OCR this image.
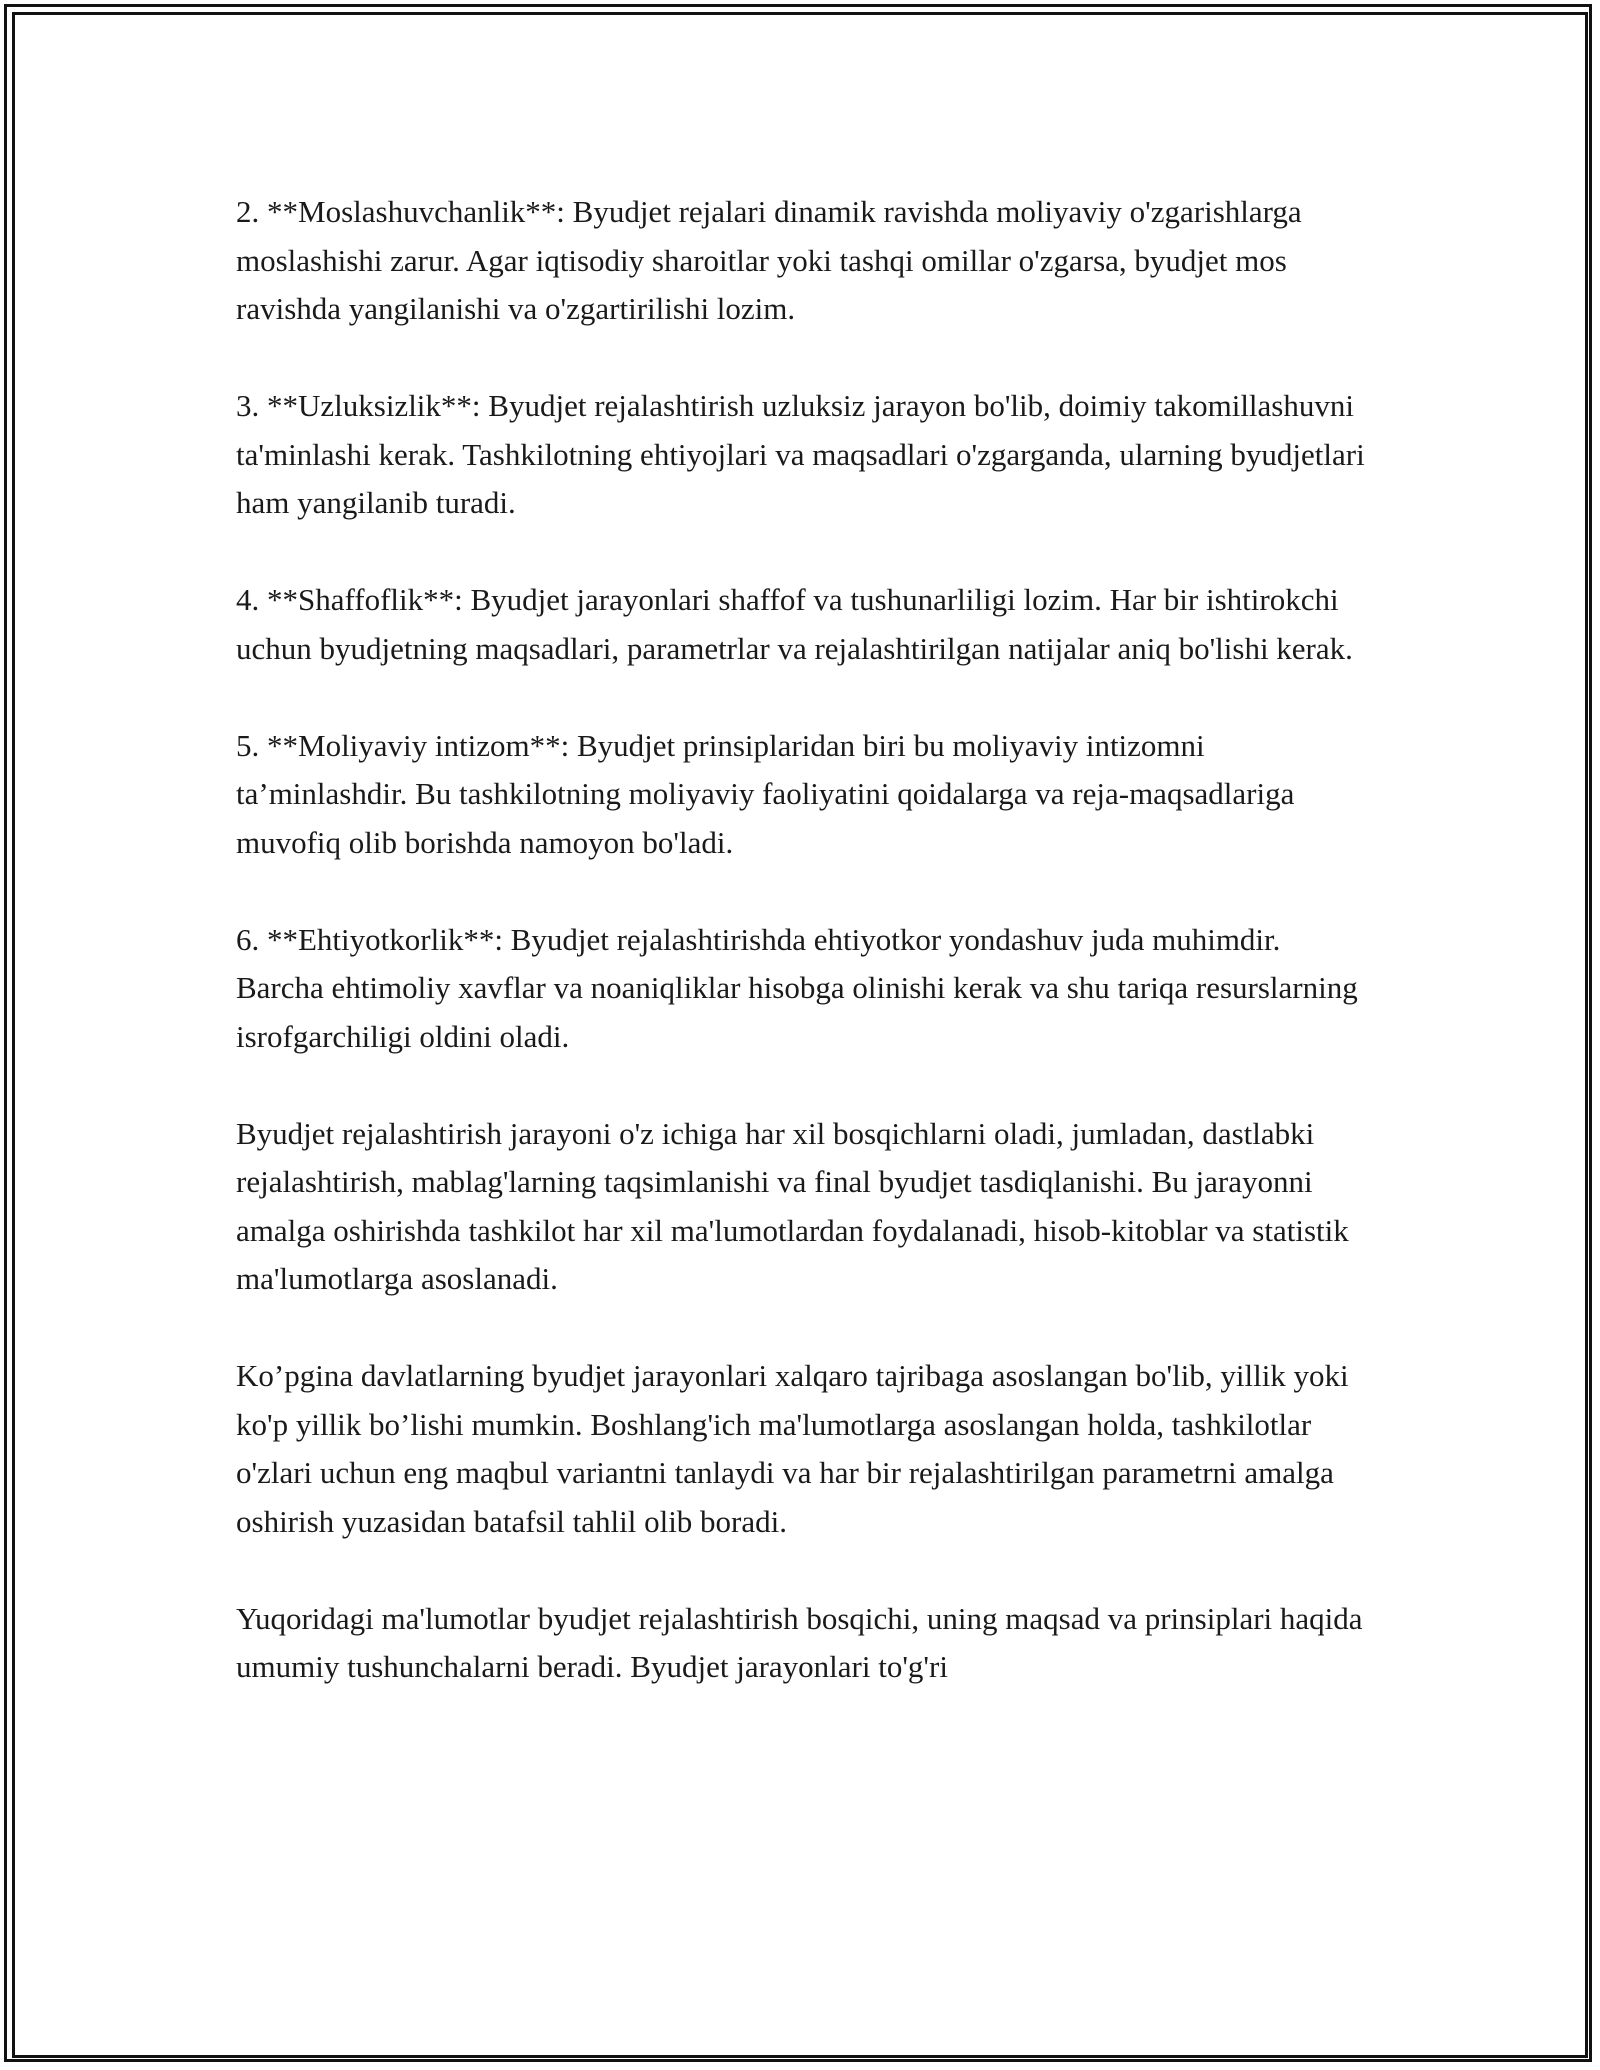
2. **Moslashuvchanlik**: Byudjet rejalari dinamik ravishda moliyaviy o'zgarishlarga moslashishi zarur. Agar iqtisodiy sharoitlar yoki tashqi omillar o'zgarsa, byudjet mos ravishda yangilanishi va o'zgartirilishi lozim.

3. **Uzluksizlik**: Byudjet rejalashtirish uzluksiz jarayon bo'lib, doimiy takomillashuvni ta'minlashi kerak. Tashkilotning ehtiyojlari va maqsadlari o'zgarganda, ularning byudjetlari ham yangilanib turadi.

4. **Shaffoflik**: Byudjet jarayonlari shaffof va tushunarliligi lozim. Har bir ishtirokchi uchun byudjetning maqsadlari, parametrlar va rejalashtirilgan natijalar aniq bo'lishi kerak.

5. **Moliyaviy intizom**: Byudjet prinsiplaridan biri bu moliyaviy intizomni ta’minlashdir. Bu tashkilotning moliyaviy faoliyatini qoidalarga va reja-maqsadlariga muvofiq olib borishda namoyon bo'ladi.

6. **Ehtiyotkorlik**: Byudjet rejalashtirishda ehtiyotkor yondashuv juda muhimdir. Barcha ehtimoliy xavflar va noaniqliklar hisobga olinishi kerak va shu tariqa resurslarning isrofgarchiligi oldini oladi.

Byudjet rejalashtirish jarayoni o'z ichiga har xil bosqichlarni oladi, jumladan, dastlabki rejalashtirish, mablag'larning taqsimlanishi va final byudjet tasdiqlanishi. Bu jarayonni amalga oshirishda tashkilot har xil ma'lumotlardan foydalanadi, hisob-kitoblar va statistik ma'lumotlarga asoslanadi.

Ko’pgina davlatlarning byudjet jarayonlari xalqaro tajribaga asoslangan bo'lib, yillik yoki ko'p yillik bo’lishi mumkin. Boshlang'ich ma'lumotlarga asoslangan holda, tashkilotlar o'zlari uchun eng maqbul variantni tanlaydi va har bir rejalashtirilgan parametrni amalga oshirish yuzasidan batafsil tahlil olib boradi.

Yuqoridagi ma'lumotlar byudjet rejalashtirish bosqichi, uning maqsad va prinsiplari haqida umumiy tushunchalarni beradi. Byudjet jarayonlari to'g'ri
